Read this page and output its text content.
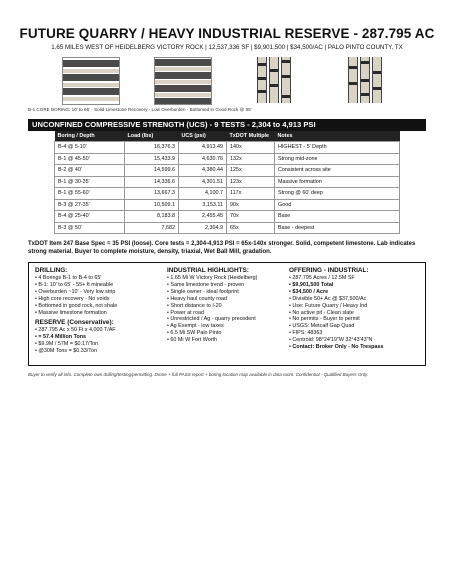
FUTURE QUARRY / HEAVY INDUSTRIAL RESERVE - 287.795 AC
1.65 MILES WEST OF HEIDELBERG VICTORY ROCK | 12,537,336 SF | $9,901,500 | $34,500/AC | PALO PINTO COUNTY, TX
B-1 CORE BORING: 10' to 65' - Solid Limestone Recovery - Low Overburden - Bottomed in Good Rock @ 65'
UNCONFINED COMPRESSIVE STRENGTH (UCS) - 9 TESTS - 2,304 to 4,913 PSI
Boring / Depth	Load (lbs)	UCS (psi)	TxDOT Multiple	Notes
B-4 @ 5-10'	16,376.3	4,913.49	140x	HIGHEST - 5' Depth
B-1 @ 45-50'	15,433.9	4,630.76	132x	Strong mid-zone
B-2 @ 40'	14,599.6	4,380.44	125x	Consistent across site
B-1 @ 30-35'	14,336.6	4,301.51	123x	Massive formation
B-1 @ 55-60'	13,667.3	4,100.7	117x	Strong @ 60' deep
B-3 @ 27-35'	10,509.1	3,153.11	90x	Good
B-4 @ 25-40'	8,183.8	2,455.45	70x	Base
B-3 @ 50'	7,682	2,304.9	65x	Base - deepest
TxDOT Item 247 Base Spec = 35 PSI (loose). Core tests = 2,304-4,913 PSI = 65x-140x stronger. Solid, competent limestone. Lab indicates strong material. Buyer to complete moisture, density, triaxial, Wet Ball Mill, gradation.
DRILLING:
• 4 Borings B-1 to B-4 to 65'
• B-1: 10' to 65' - 55+ ft mineable
• Overburden ~10' - Very low strip
• High core recovery - No voids
• Bottomed in good rock, not shale
• Massive limestone formation
RESERVE (Conservative):
• 287.795 Ac x 50 Ft x 4,000 T/AF
• = 57.4 Million Tons
• $9.9M / 57M = $0.17/Ton
• @30M Tons = $0.33/Ton
INDUSTRIAL HIGHLIGHTS:
• 1.65 Mi W Victory Rock (Heidelberg)
• Same limestone trend - proven
• Single owner - ideal footprint
• Heavy haul county road
• Short distance to I-20
• Power at road
• Unrestricted / Ag - quarry precedent
• Ag Exempt - low taxes
• 6.5 Mi SW Palo Pinto
• 60 Mi W Fort Worth
OFFERING - INDUSTRIAL:
• 287.795 Acres / 12.5M SF
• $9,901,500 Total
• $34,500 / Acre
• Divisible 50+ Ac @ $37,500/Ac
• Use: Future Quarry / Heavy Ind
• No active pit - Clean slate
• No permits - Buyer to permit
• USGS: Metcalf Gap Quad
• FIPS: 48363
• Centroid: 98°24'19"W 32°43'43"N
• Contact: Broker Only - No Trespass
Buyer to verify all info. Complete own drilling/testing/permitting. Drone + full PASS report + boring location map available in data room. Confidential - Qualified Buyers Only.
